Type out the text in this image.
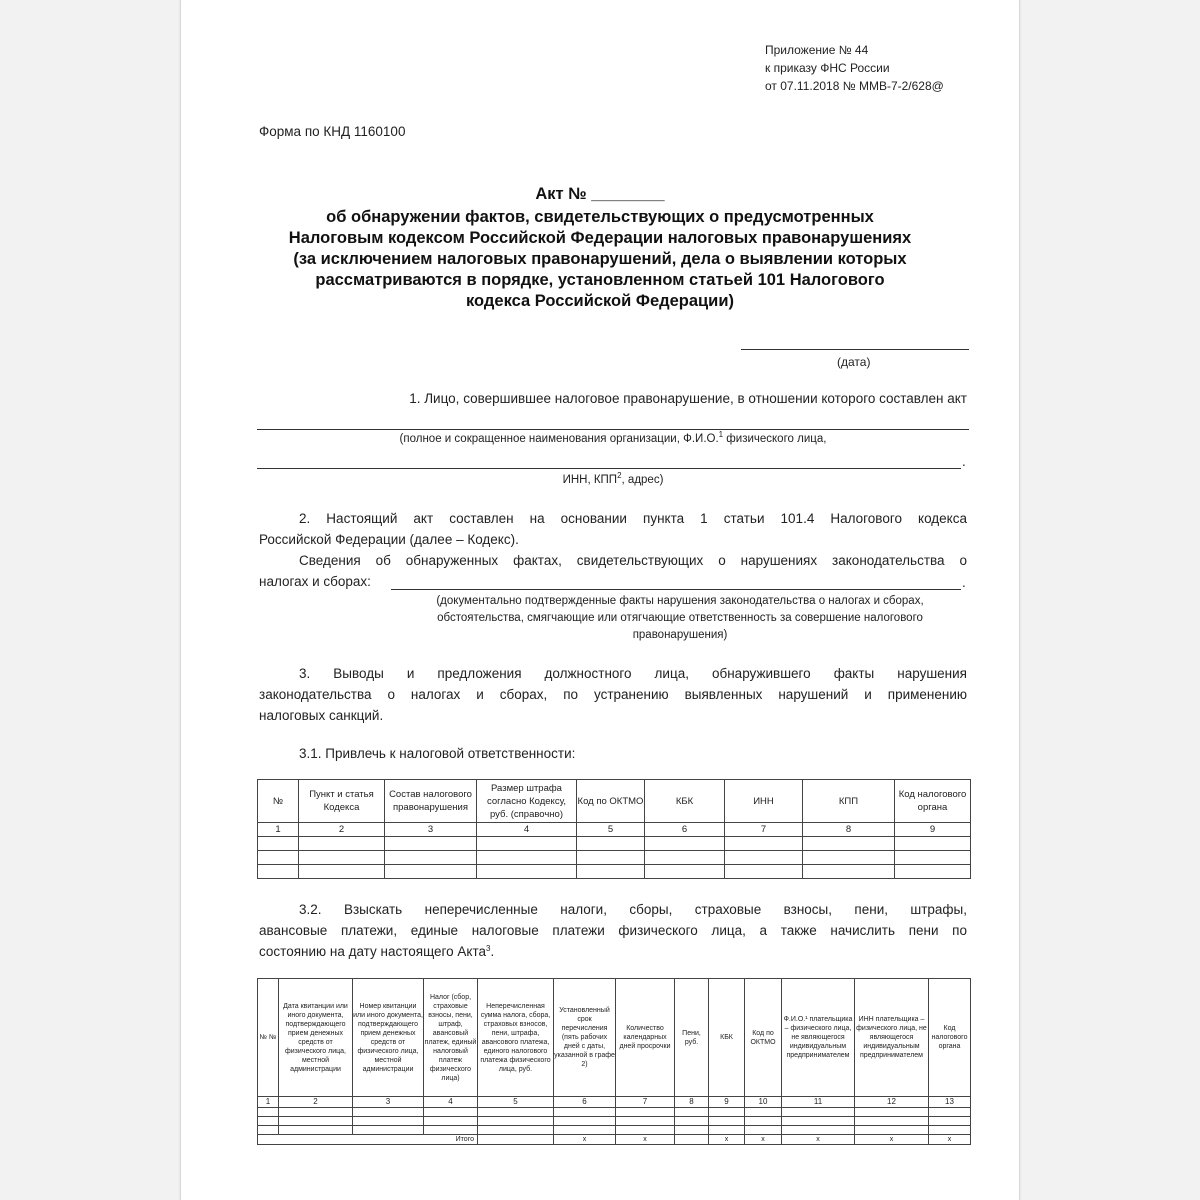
Приложение № 44
к приказу ФНС России
от 07.11.2018 № ММВ-7-2/628@
Форма по КНД 1160100
Акт № ________
об обнаружении фактов, свидетельствующих о предусмотренных
Налоговым кодексом Российской Федерации налоговых правонарушениях
(за исключением налоговых правонарушений, дела о выявлении которых
рассматриваются в порядке, установленном статьей 101 Налогового
кодекса Российской Федерации)
(дата)
1. Лицо, совершившее налоговое правонарушение, в отношении которого составлен акт
(полное и сокращенное наименования организации, Ф.И.О.$^1$ физического лица,
.
ИНН, КПП$^2$, адрес)
2. Настоящий акт составлен на основании пункта 1 статьи 101.4 Налогового кодекса
Российской Федерации (далее – Кодекс).
Сведения об обнаруженных фактах, свидетельствующих о нарушениях законодательства о
налогах и сборах:	.
(документально подтвержденные факты нарушения законодательства о налогах и сборах,
обстоятельства, смягчающие или отягчающие ответственность за совершение налогового
правонарушения)
3. Выводы и предложения должностного лица, обнаружившего факты нарушения
законодательства о налогах и сборах, по устранению выявленных нарушений и применению
налоговых санкций.
3.1. Привлечь к налоговой ответственности:
№	Пункт и статья Кодекса	Состав налогового правонарушения	Размер штрафа согласно Кодексу, руб. (справочно)	Код по ОКТМО	КБК	ИНН	КПП	Код налогового органа
1	2	3	4	5	6	7	8	9

3.2. Взыскать неперечисленные налоги, сборы, страховые взносы, пени, штрафы,
авансовые платежи, единые налоговые платежи физического лица, а также начислить пени по
состоянию на дату настоящего Акта$^3$.
№ №	Дата квитанции или иного документа, подтверждающего прием денежных средств от физического лица, местной администрации	Номер квитанции или иного документа, подтверждающего прием денежных средств от физического лица, местной администрации	Налог (сбор, страховые взносы, пени, штраф, авансовый платеж, единый налоговый платеж физического лица)	Неперечисленная сумма налога, сбора, страховых взносов, пени, штрафа, авансового платежа, единого налогового платежа физического лица, руб.	Установленный срок перечисления (пять рабочих дней с даты, указанной в графе 2)	Количество календарных дней просрочки	Пени, руб.	КБК	Код по ОКТМО	Ф.И.О.¹ плательщика – физического лица, не являющегося индивидуальным предпринимателем	ИНН плательщика – физического лица, не являющегося индивидуальным предпринимателем	Код налогового органа
1	2	3	4	5	6	7	8	9	10	11	12	13

Итого					х	х		х	х	х	х	х
